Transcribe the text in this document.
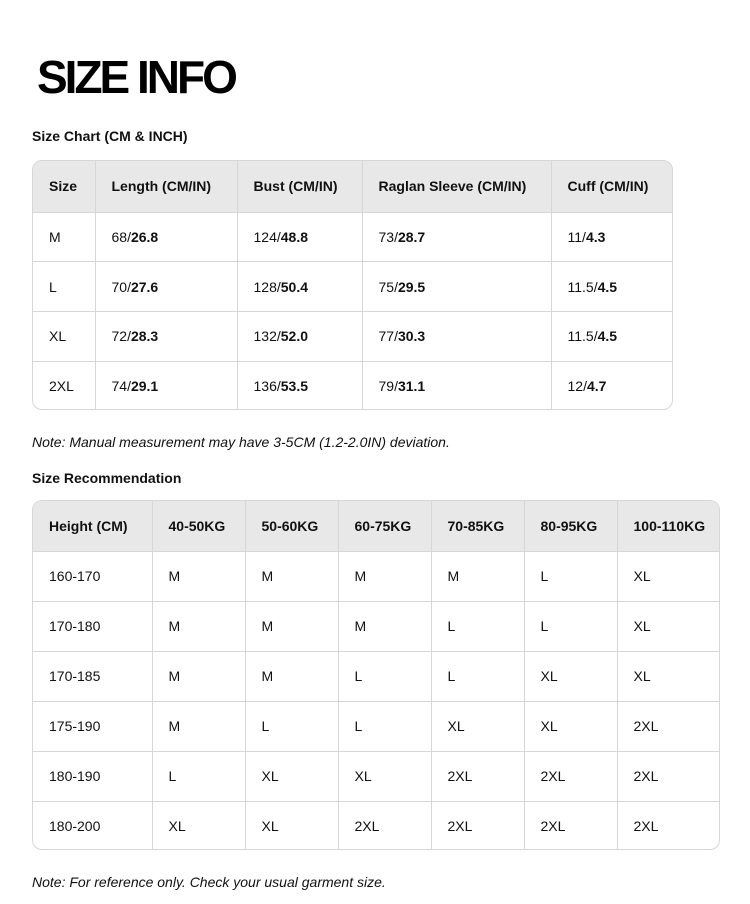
SIZE INFO
Size Chart (CM & INCH)
Size	Length (CM/IN)	Bust (CM/IN)	Raglan Sleeve (CM/IN)	Cuff (CM/IN)
M	68/26.8	124/48.8	73/28.7	11/4.3
L	70/27.6	128/50.4	75/29.5	11.5/4.5
XL	72/28.3	132/52.0	77/30.3	11.5/4.5
2XL	74/29.1	136/53.5	79/31.1	12/4.7
Note: Manual measurement may have 3-5CM (1.2-2.0IN) deviation.
Size Recommendation
Height (CM)	40-50KG	50-60KG	60-75KG	70-85KG	80-95KG	100-110KG
160-170	M	M	M	M	L	XL
170-180	M	M	M	L	L	XL
170-185	M	M	L	L	XL	XL
175-190	M	L	L	XL	XL	2XL
180-190	L	XL	XL	2XL	2XL	2XL
180-200	XL	XL	2XL	2XL	2XL	2XL
Note: For reference only. Check your usual garment size.
